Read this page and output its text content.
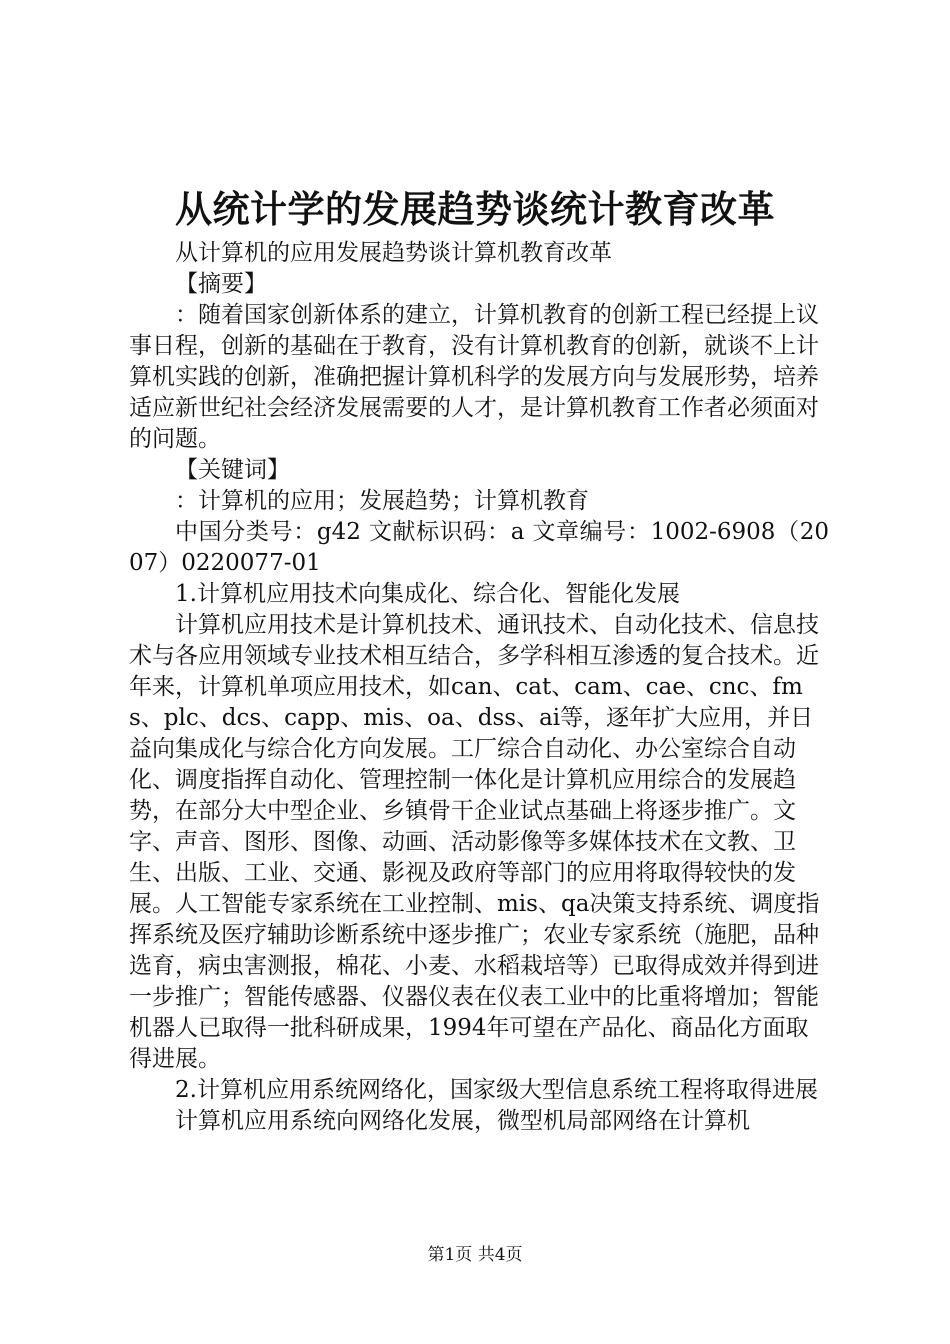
从统计学的发展趋势谈统计教育改革

从计算机的应用发展趋势谈计算机教育改革

【摘要】

：随着国家创新体系的建立，计算机教育的创新工程已经提上议事日程，创新的基础在于教育，没有计算机教育的创新，就谈不上计算机实践的创新，准确把握计算机科学的发展方向与发展形势，培养适应新世纪社会经济发展需要的人才，是计算机教育工作者必须面对的问题。

【关键词】

：计算机的应用；发展趋势；计算机教育

中国分类号：g42 文献标识码：a 文章编号：1002-6908（2007）0220077-01

1.计算机应用技术向集成化、综合化、智能化发展

计算机应用技术是计算机技术、通讯技术、自动化技术、信息技术与各应用领域专业技术相互结合，多学科相互渗透的复合技术。近年来，计算机单项应用技术，如can、cat、cam、cae、cnc、fms、plc、dcs、capp、mis、oa、dss、ai等，逐年扩大应用，并日益向集成化与综合化方向发展。工厂综合自动化、办公室综合自动化、调度指挥自动化、管理控制一体化是计算机应用综合的发展趋势，在部分大中型企业、乡镇骨干企业试点基础上将逐步推广。文字、声音、图形、图像、动画、活动影像等多媒体技术在文教、卫生、出版、工业、交通、影视及政府等部门的应用将取得较快的发展。人工智能专家系统在工业控制、mis、qa决策支持系统、调度指挥系统及医疗辅助诊断系统中逐步推广；农业专家系统（施肥，品种选育，病虫害测报，棉花、小麦、水稻栽培等）已取得成效并得到进一步推广；智能传感器、仪器仪表在仪表工业中的比重将增加；智能机器人已取得一批科研成果，1994年可望在产品化、商品化方面取得进展。

2.计算机应用系统网络化，国家级大型信息系统工程将取得进展

计算机应用系统向网络化发展，微型机局部网络在计算机

第1页 共4页
